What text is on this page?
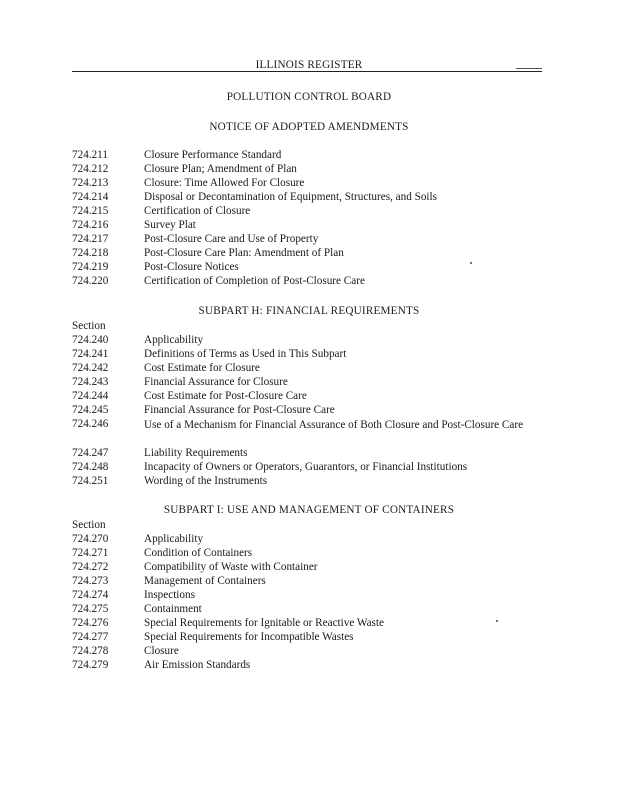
ILLINOIS REGISTER
POLLUTION CONTROL BOARD
NOTICE OF ADOPTED AMENDMENTS
724.211	Closure Performance Standard
724.212	Closure Plan; Amendment of Plan
724.213	Closure: Time Allowed For Closure
724.214	Disposal or Decontamination of Equipment, Structures, and Soils
724.215	Certification of Closure
724.216	Survey Plat
724.217	Post-Closure Care and Use of Property
724.218	Post-Closure Care Plan: Amendment of Plan
724.219	Post-Closure Notices
724.220	Certification of Completion of Post-Closure Care
SUBPART H: FINANCIAL REQUIREMENTS
Section
724.240	Applicability
724.241	Definitions of Terms as Used in This Subpart
724.242	Cost Estimate for Closure
724.243	Financial Assurance for Closure
724.244	Cost Estimate for Post-Closure Care
724.245	Financial Assurance for Post-Closure Care
724.246	Use of a Mechanism for Financial Assurance of Both Closure and Post-Closure Care
724.247	Liability Requirements
724.248	Incapacity of Owners or Operators, Guarantors, or Financial Institutions
724.251	Wording of the Instruments
SUBPART I: USE AND MANAGEMENT OF CONTAINERS
Section
724.270	Applicability
724.271	Condition of Containers
724.272	Compatibility of Waste with Container
724.273	Management of Containers
724.274	Inspections
724.275	Containment
724.276	Special Requirements for Ignitable or Reactive Waste
724.277	Special Requirements for Incompatible Wastes
724.278	Closure
724.279	Air Emission Standards
